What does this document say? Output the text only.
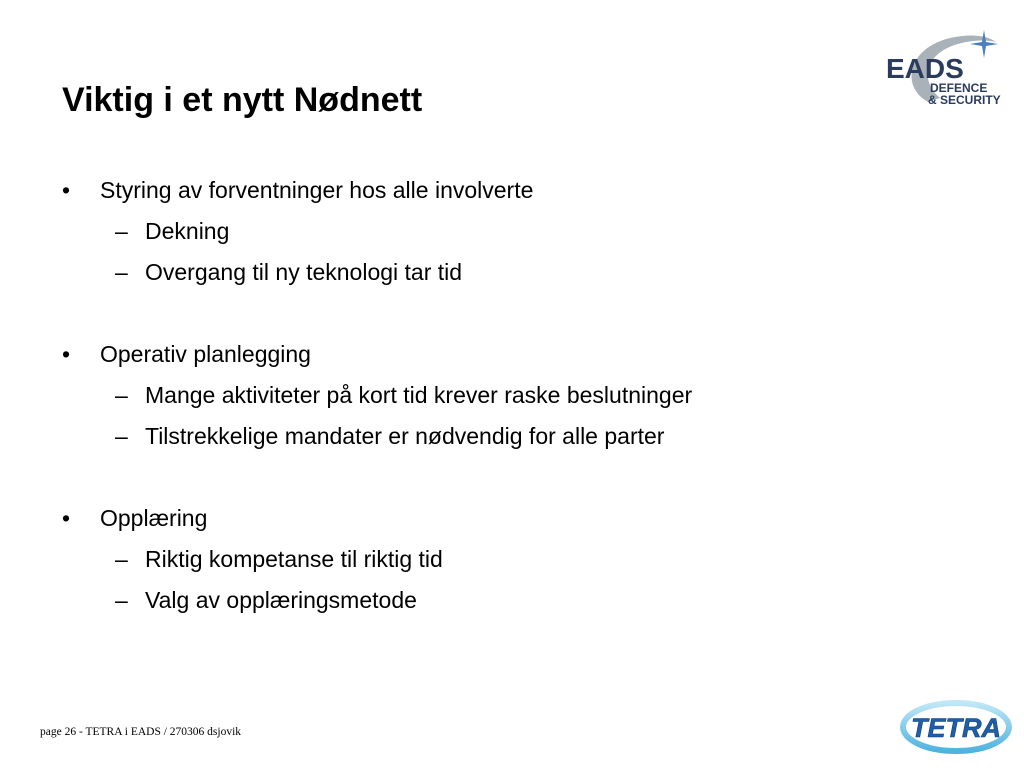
Viktig i et nytt Nødnett
EADS
DEFENCE
& SECURITY
• Styring av forventninger hos alle involverte
– Dekning
– Overgang til ny teknologi tar tid
• Operativ planlegging
– Mange aktiviteter på kort tid krever raske beslutninger
– Tilstrekkelige mandater er nødvendig for alle parter
• Opplæring
– Riktig kompetanse til riktig tid
– Valg av opplæringsmetode
page 26 - TETRA i EADS / 270306 dsjovik	TETRA
